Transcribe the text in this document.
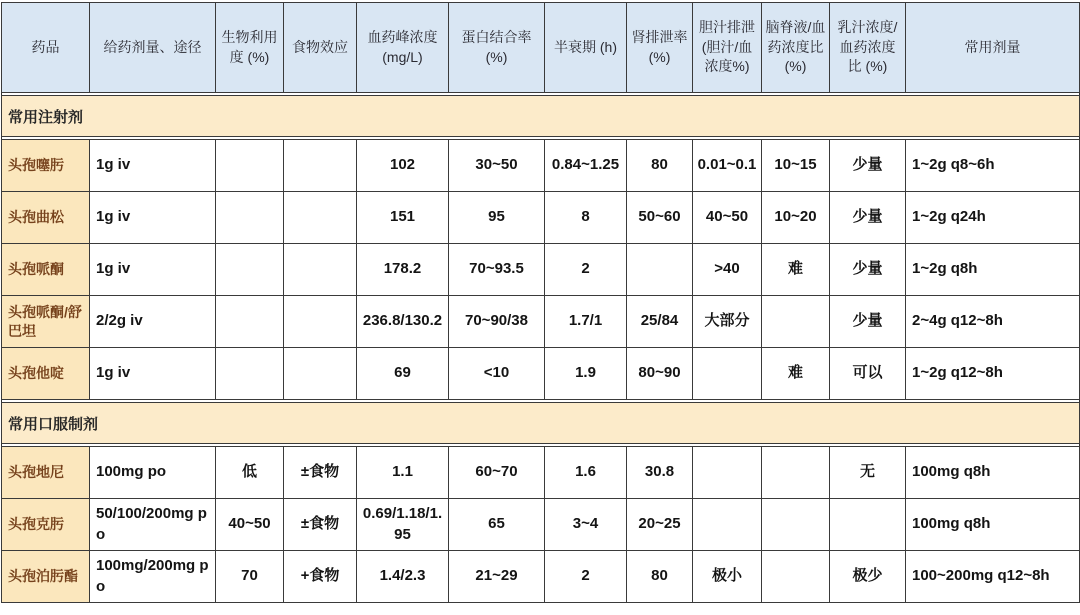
药品	给药剂量、途径	生物利用度 (%)	食物效应	血药峰浓度 (mg/L)	蛋白结合率 (%)	半衰期 (h)	肾排泄率 (%)	胆汁排泄 (胆汁/血浓度%)	脑脊液/血药浓度比 (%)	乳汁浓度/血药浓度比 (%)	常用剂量

常用注射剂											

头孢噻肟	1g iv			102	30~50	0.84~1.25	80	0.01~0.1	10~15	少量	1~2g q8~6h
头孢曲松	1g iv			151	95	8	50~60	40~50	10~20	少量	1~2g q24h
头孢哌酮	1g iv			178.2	70~93.5	2		>40	难	少量	1~2g q8h
头孢哌酮/舒巴坦	2/2g iv			236.8/130.2	70~90/38	1.7/1	25/84	大部分		少量	2~4g q12~8h
头孢他啶	1g iv			69	<10	1.9	80~90		难	可以	1~2g q12~8h

常用口服制剂											

头孢地尼	100mg po	低	±食物	1.1	60~70	1.6	30.8			无	100mg q8h
头孢克肟	50/100/200mg po	40~50	±食物	0.69/1.18/1.95	65	3~4	20~25				100mg q8h
头孢泊肟酯	100mg/200mg po	70	+食物	1.4/2.3	21~29	2	80	极小		极少	100~200mg q12~8h
